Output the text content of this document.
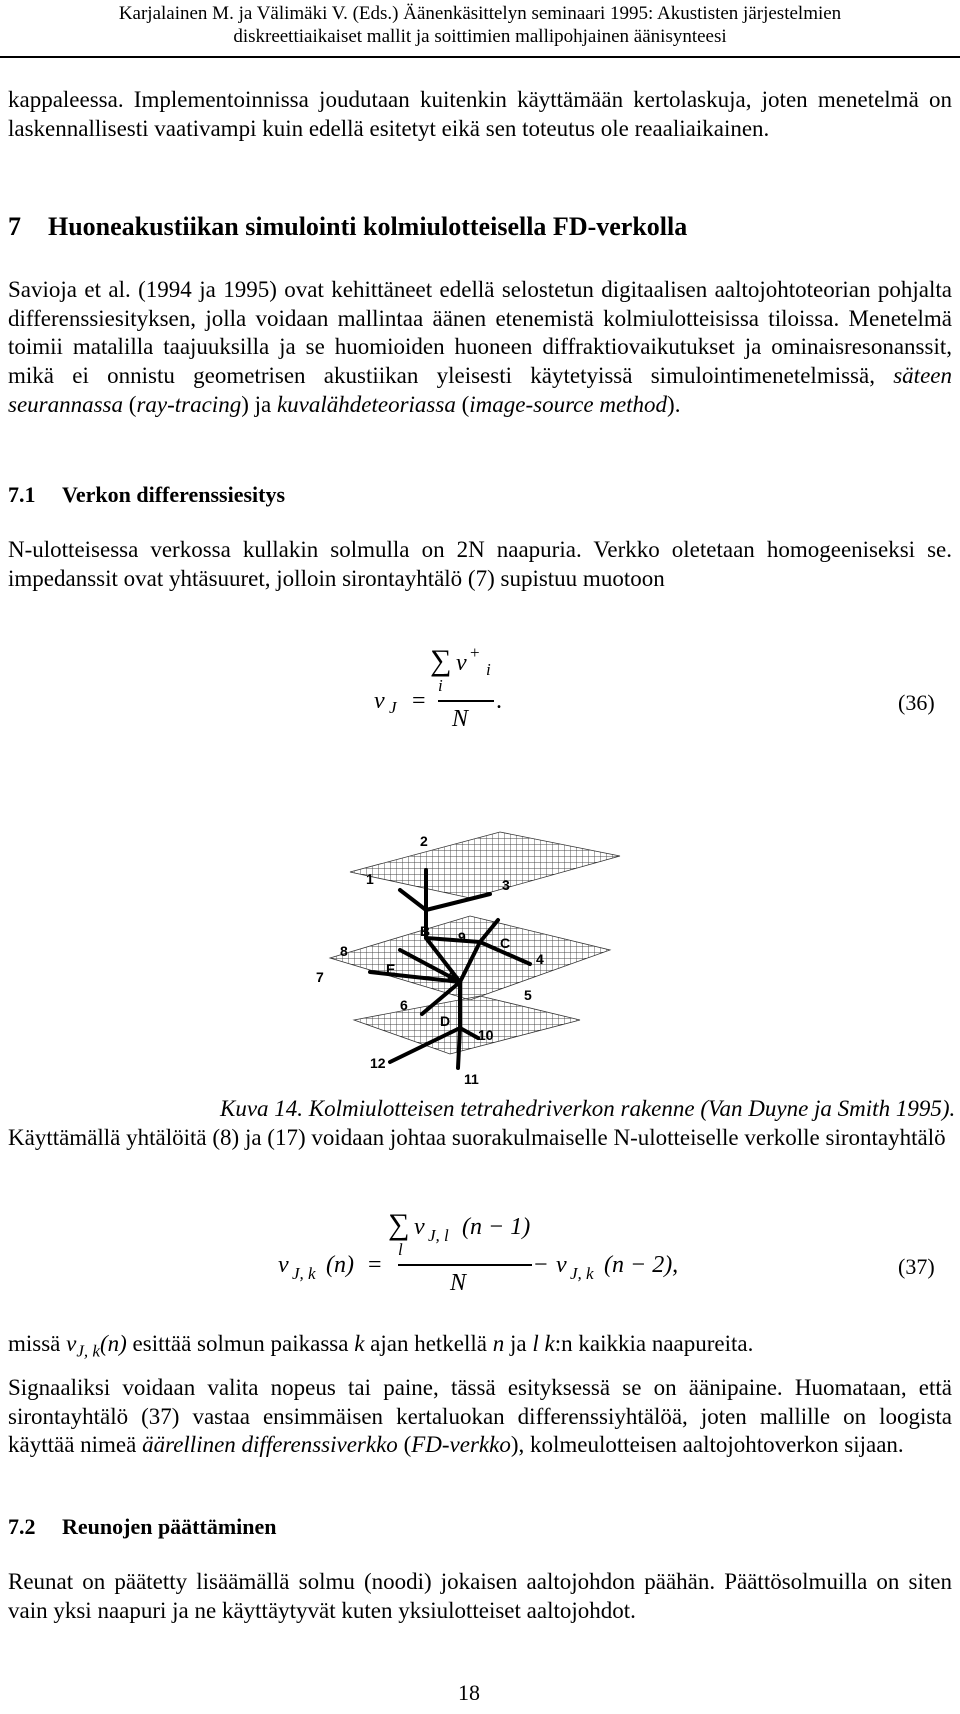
Karjalainen M. ja Välimäki V. (Eds.) Äänenkäsittelyn seminaari 1995: Akustisten järjestelmien
diskreettiaikaiset mallit ja soittimien mallipohjainen äänisynteesi

kappaleessa. Implementoinnissa joudutaan kuitenkin käyttämään kertolaskuja, joten menetelmä on laskennallisesti vaativampi kuin edellä esitetyt eikä sen toteutus ole reaaliaikainen.

7 Huoneakustiikan simulointi kolmiulotteisella FD-verkolla

Savioja et al. (1994 ja 1995) ovat kehittäneet edellä selostetun digitaalisen aaltojohtoteorian pohjalta differenssiesityksen, jolla voidaan mallintaa äänen etenemistä kolmiulotteisissa tiloissa. Menetelmä toimii matalilla taajuuksilla ja se huomioiden huoneen diffraktiovaikutukset ja ominaisresonanssit, mikä ei onnistu geometrisen akustiikan yleisesti käytetyissä simulointimenetelmissä, säteen seurannassa (ray-tracing) ja kuvalähdeteoriassa (image-source method).

7.1 Verkon differenssiesitys

N-ulotteisessa verkossa kullakin solmulla on 2N naapuria. Verkko oletetaan homogeeniseksi se. impedanssit ovat yhtäsuuret, jolloin sirontayhtälö (7) supistuu muotoon

∑ v +
i
i
v J =
N
.	(36)
1
2
3
4
5
6
7
8
9
10
11
12
A
B
C
D
E
Kuva 14. Kolmiulotteisen tetrahedriverkon rakenne (Van Duyne ja Smith 1995).

Käyttämällä yhtälöitä (8) ja (17) voidaan johtaa suorakulmaiselle N-ulotteiselle verkolle sirontayhtälö

∑ v J, l (n − 1)
l
v J, k (n) =
N
− v J, k (n − 2),	(37)

missä $v_{J, k}(n)$ esittää solmun paikassa k ajan hetkellä n ja l k:n kaikkia naapureita.

Signaaliksi voidaan valita nopeus tai paine, tässä esityksessä se on äänipaine. Huomataan, että sirontayhtälö (37) vastaa ensimmäisen kertaluokan differenssiyhtälöä, joten mallille on loogista käyttää nimeä äärellinen differenssiverkko (FD-verkko), kolmeulotteisen aaltojohtoverkon sijaan.

7.2 Reunojen päättäminen

Reunat on päätetty lisäämällä solmu (noodi) jokaisen aaltojohdon päähän. Päättösolmuilla on siten vain yksi naapuri ja ne käyttäytyvät kuten yksiulotteiset aaltojohdot.

18
